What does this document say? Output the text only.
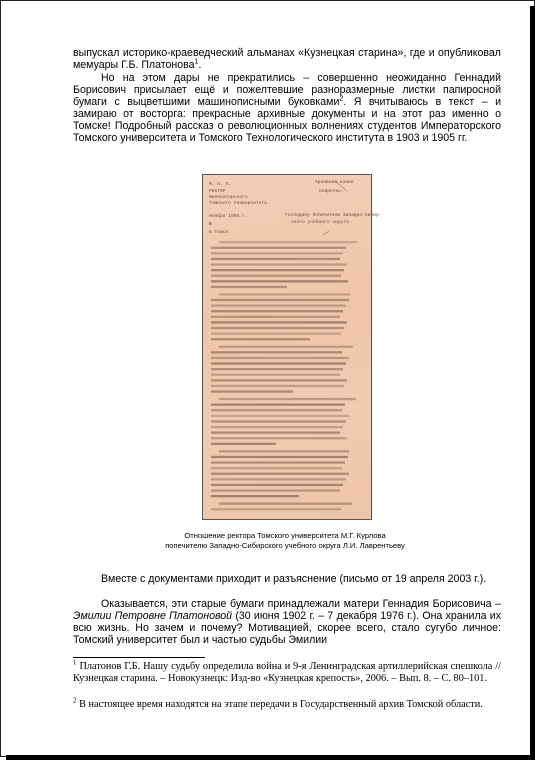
выпускал историко-краеведческий альманах «Кузнецкая старина», где и опубликовал мемуары Г.Б. Платонова$^1$.
Но на этом дары не прекратились – совершенно неожиданно Геннадий Борисович присылает ещё и пожелтевшие разноразмерные листки папиросной бумаги с выцветшими машинописными буковками$^2$. Я вчитываюсь в текст – и замираю от восторга: прекрасные архивные документы и на этот раз именно о Томске! Подробный рассказ о революционных волнениях студентов Императорского Томского университета и Томского Технологического института в 1903 и 1905 гг.
М. Н. П.
РЕКТОР
Императорского
Томского Университета
Ноября 1905 г.
№
в Томск
Архивная копия
Секретно.
Господину Попечителю Западно-Сибир-
ского учебного округа.
Отношение ректора Томского университета М.Г. Курлова
попечителю Западно-Сибирского учебного округа Л.И. Лаврентьеву
Вместе с документами приходит и разъяснение (письмо от 19 апреля 2003 г.).
Оказывается, эти старые бумаги принадлежали матери Геннадия Борисовича – Эмилии Петровне Платоновой (30 июня 1902 г. – 7 декабря 1976 г.). Она хранила их всю жизнь. Но зачем и почему? Мотивацией, скорее всего, стало сугубо личное: Томский университет был и частью судьбы Эмилии
$^1$ Платонов Г.Б. Нашу судьбу определила война и 9-я Ленинградская артиллерийская спешкола // Кузнецкая старина. – Новокузнецк: Изд-во «Кузнецкая крепость», 2006. – Вып. 8. – С. 80–101.
$^2$ В настоящее время находятся на этапе передачи в Государственный архив Томской области.
